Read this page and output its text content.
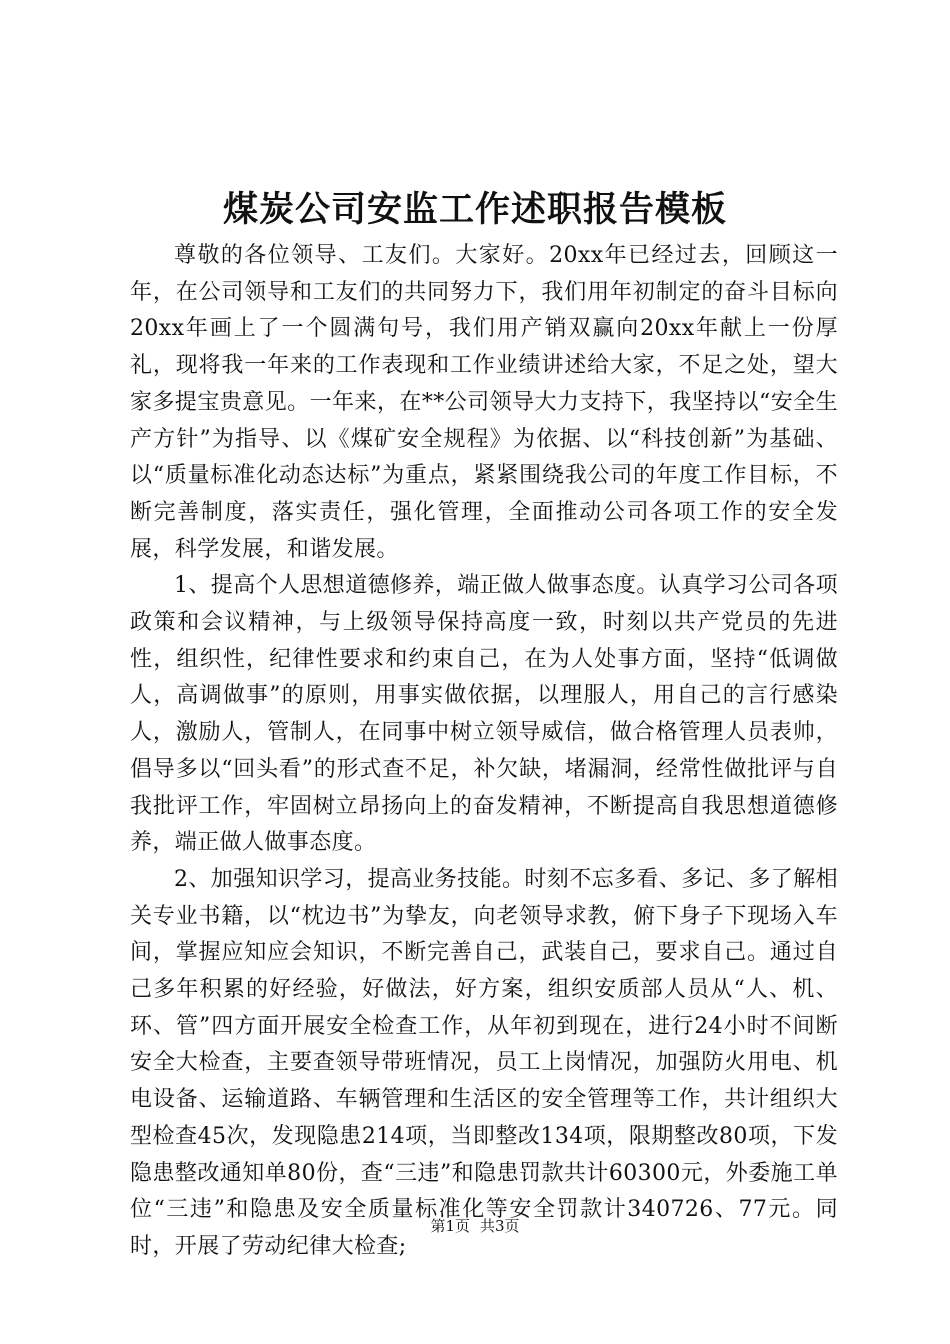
煤炭公司安监工作述职报告模板

尊敬的各位领导、工友们。大家好。20xx年已经过去，回顾这一年，在公司领导和工友们的共同努力下，我们用年初制定的奋斗目标向20xx年画上了一个圆满句号，我们用产销双赢向20xx年献上一份厚礼，现将我一年来的工作表现和工作业绩讲述给大家，不足之处，望大家多提宝贵意见。一年来，在**公司领导大力支持下，我坚持以“安全生产方针”为指导、以《煤矿安全规程》为依据、以“科技创新”为基础、以“质量标准化动态达标”为重点，紧紧围绕我公司的年度工作目标，不断完善制度，落实责任，强化管理，全面推动公司各项工作的安全发展，科学发展，和谐发展。

1、提高个人思想道德修养，端正做人做事态度。认真学习公司各项政策和会议精神，与上级领导保持高度一致，时刻以共产党员的先进性，组织性，纪律性要求和约束自己，在为人处事方面，坚持“低调做人，高调做事”的原则，用事实做依据，以理服人，用自己的言行感染人，激励人，管制人，在同事中树立领导威信，做合格管理人员表帅，倡导多以“回头看”的形式查不足，补欠缺，堵漏洞，经常性做批评与自我批评工作，牢固树立昂扬向上的奋发精神，不断提高自我思想道德修养，端正做人做事态度。

2、加强知识学习，提高业务技能。时刻不忘多看、多记、多了解相关专业书籍，以“枕边书”为挚友，向老领导求教，俯下身子下现场入车间，掌握应知应会知识，不断完善自己，武装自己，要求自己。通过自己多年积累的好经验，好做法，好方案，组织安质部人员从“人、机、环、管”四方面开展安全检查工作，从年初到现在，进行24小时不间断安全大检查，主要查领导带班情况，员工上岗情况，加强防火用电、机电设备、运输道路、车辆管理和生活区的安全管理等工作，共计组织大型检查45次，发现隐患214项，当即整改134项，限期整改80项，下发隐患整改通知单80份，查“三违”和隐患罚款共计60300元，外委施工单位“三违”和隐患及安全质量标准化等安全罚款计340726、77元。同时，开展了劳动纪律大检查;

第1页 共3页
